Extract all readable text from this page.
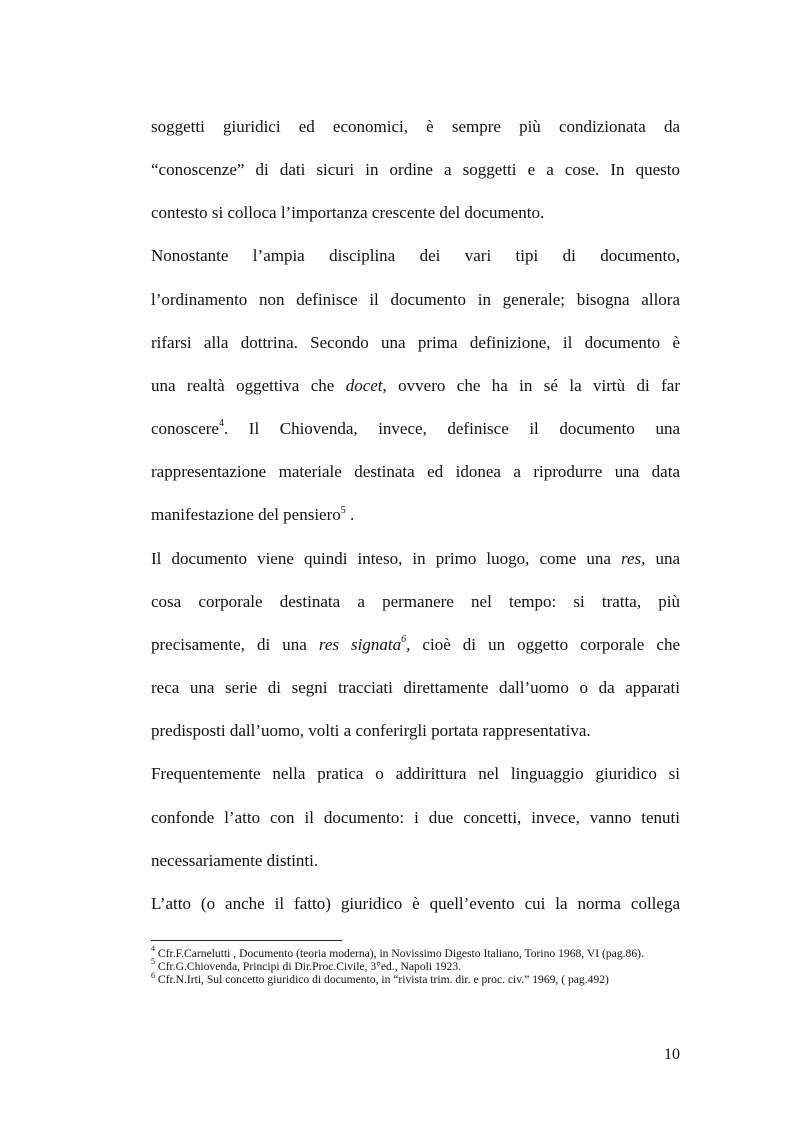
soggetti giuridici ed economici, è sempre più condizionata da
“conoscenze” di dati sicuri in ordine a soggetti e a cose. In questo
contesto si colloca l’importanza crescente del documento.

Nonostante l’ampia disciplina dei vari tipi di documento,
l’ordinamento non definisce il documento in generale; bisogna allora
rifarsi alla dottrina. Secondo una prima definizione, il documento è
una realtà oggettiva che docet, ovvero che ha in sé la virtù di far
conoscere$^4$. Il Chiovenda, invece, definisce il documento una
rappresentazione materiale destinata ed idonea a riprodurre una data
manifestazione del pensiero$^5$ .

Il documento viene quindi inteso, in primo luogo, come una res, una
cosa corporale destinata a permanere nel tempo: si tratta, più
precisamente, di una res signata$^6$, cioè di un oggetto corporale che
reca una serie di segni tracciati direttamente dall’uomo o da apparati
predisposti dall’uomo, volti a conferirgli portata rappresentativa.

Frequentemente nella pratica o addirittura nel linguaggio giuridico si
confonde l’atto con il documento: i due concetti, invece, vanno tenuti
necessariamente distinti.

L’atto (o anche il fatto) giuridico è quell’evento cui la norma collega

$^4$ Cfr.F.Carnelutti , Documento (teoria moderna), in Novissimo Digesto Italiano, Torino 1968, VI (pag.86).

$^5$ Cfr.G.Chiovenda, Principi di Dir.Proc.Civile, 3°ed., Napoli 1923.

$^6$ Cfr.N.Irti, Sul concetto giuridico di documento, in “rivista trim. dir. e proc. civ.” 1969, ( pag.492)

10
